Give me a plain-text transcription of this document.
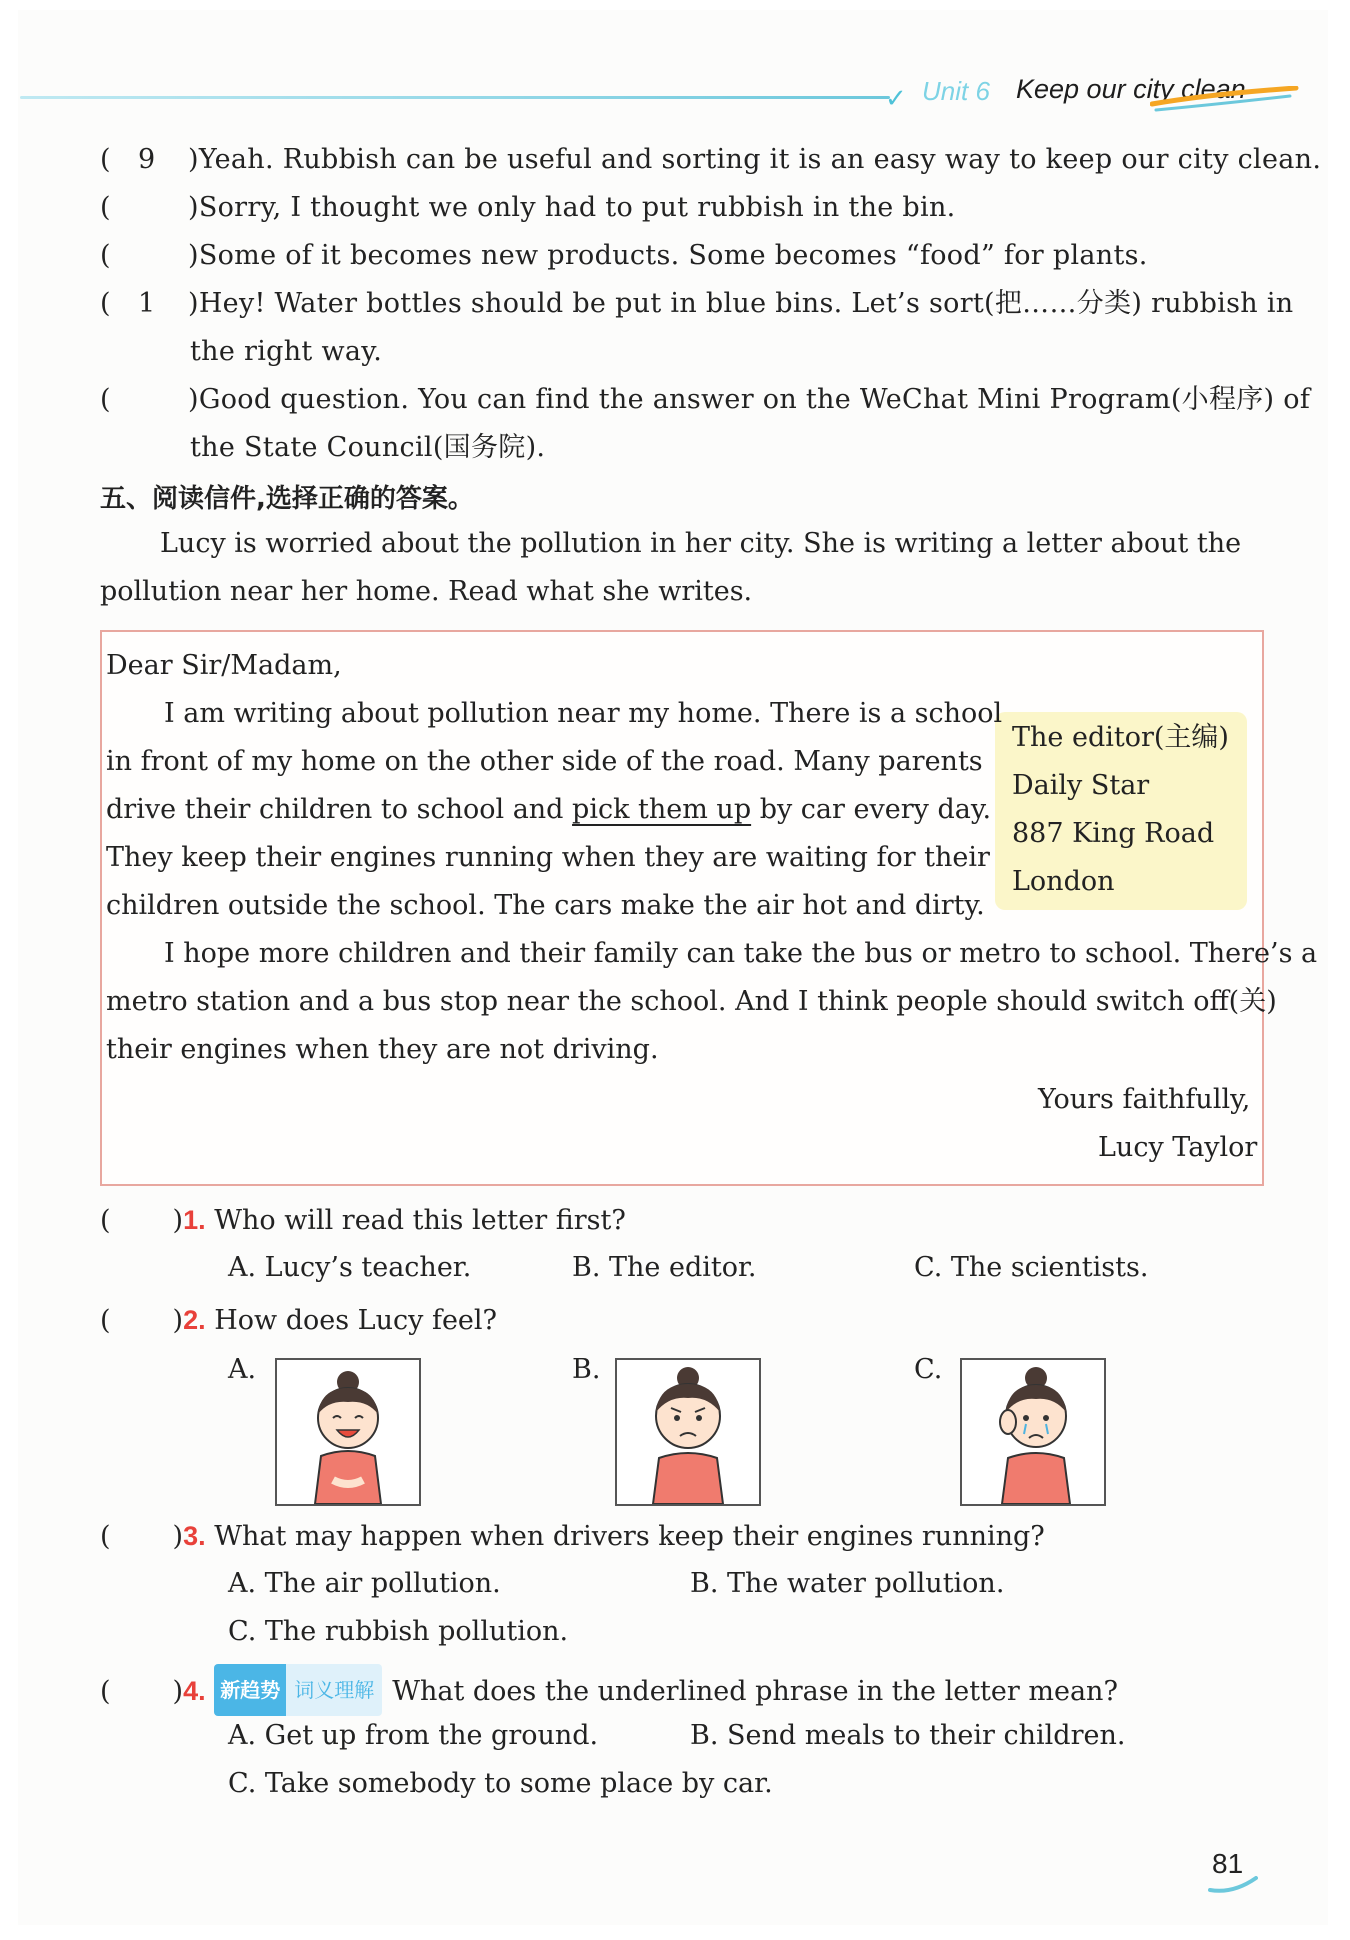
✓ Unit 6 Keep our city clean
( 9 )Yeah. Rubbish can be useful and sorting it is an easy way to keep our city clean.
(	)Sorry, I thought we only had to put rubbish in the bin.
(	)Some of it becomes new products. Some becomes “food” for plants.
( 1 )Hey! Water bottles should be put in blue bins. Let’s sort(把……分类) rubbish in
the right way.
(	)Good question. You can find the answer on the WeChat Mini Program(小程序) of
the State Council(国务院).
五、阅读信件,选择正确的答案。
Lucy is worried about the pollution in her city. She is writing a letter about the
pollution near her home. Read what she writes.
The editor(主编)
Daily Star
887 King Road
London
Dear Sir/Madam,
I am writing about pollution near my home. There is a school
in front of my home on the other side of the road. Many parents
drive their children to school and pick them up by car every day.
They keep their engines running when they are waiting for their
children outside the school. The cars make the air hot and dirty.
I hope more children and their family can take the bus or metro to school. There’s a
metro station and a bus stop near the school. And I think people should switch off(关)
their engines when they are not driving.
Yours faithfully,
Lucy Taylor
( )1. Who will read this letter first?
A. Lucy’s teacher.	B. The editor.	C. The scientists.
( )2. How does Lucy feel?
A.	B.	C.
( )3. What may happen when drivers keep their engines running?
A. The air pollution.	B. The water pollution.
C. The rubbish pollution.
( )4. 新趋势 词义理解 What does the underlined phrase in the letter mean?
A. Get up from the ground.	B. Send meals to their children.
C. Take somebody to some place by car.
81
